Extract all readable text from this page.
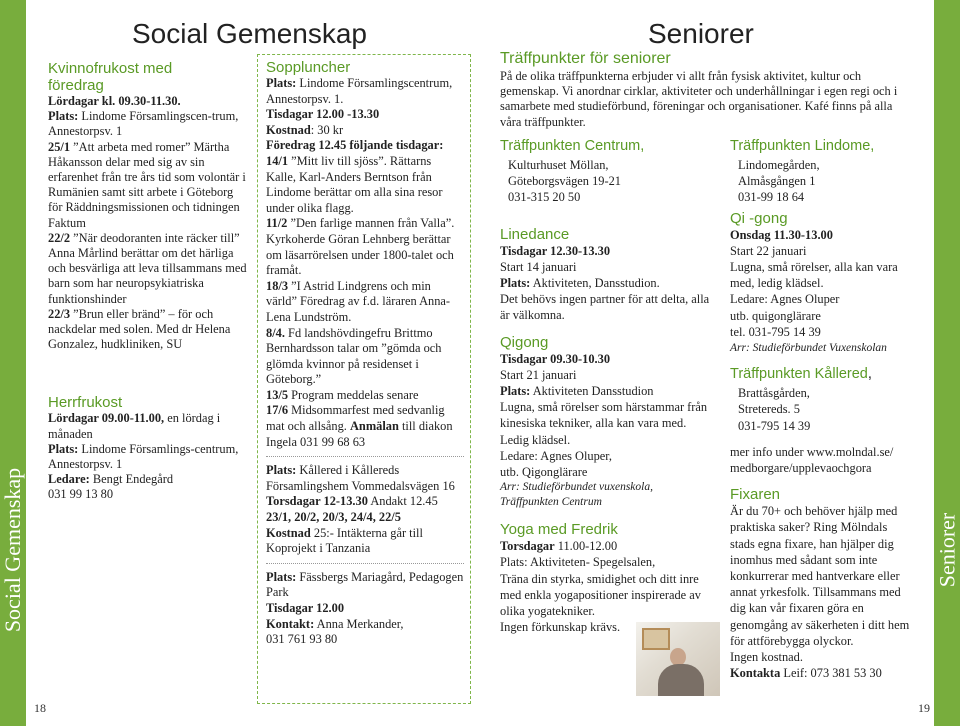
Social Gemenskap	Seniorer
18	19
Social Gemenskap	Seniorer
Kvinnofrukost med föredrag

Lördagar kl. 09.30-11.30.

Plats: Lindome Församlingscen-trum, Annestorpsv. 1

25/1 ”Att arbeta med romer” Märtha Håkansson delar med sig av sin erfarenhet från tre års tid som volontär i Rumänien samt sitt arbete i Göteborg för Räddningsmissionen och tidningen Faktum

22/2 ”När deodoranten inte räcker till” Anna Mårlind berättar om det härliga och besvärliga att leva tillsammans med barn som har neuropsykiatriska funktionshinder

22/3 ”Brun eller bränd” – för och nackdelar med solen. Med dr Helena Gonzalez, hudkliniken, SU

Herrfrukost

Lördagar 09.00-11.00, en lördag i månaden

Plats: Lindome Församlings-centrum, Annestorpsv. 1

Ledare: Bengt Endegård

031 99 13 80

Soppluncher

Plats: Lindome Församlingscentrum, Annestorpsv. 1.

Tisdagar 12.00 -13.30

Kostnad: 30 kr

Föredrag 12.45 följande tisdagar:

14/1 ”Mitt liv till sjöss”. Rättarns Kalle, Karl-Anders Berntson från Lindome berättar om alla sina resor under olika flagg.

11/2 ”Den farlige mannen från Valla”. Kyrkoherde Göran Lehnberg berättar om läsarrörelsen under 1800-talet och framåt.

18/3 ”I Astrid Lindgrens och min värld” Föredrag av f.d. läraren Anna-Lena Lundström.

8/4. Fd landshövdingefru Brittmo Bernhardsson talar om ”gömda och glömda kvinnor på residenset i Göteborg.”

13/5 Program meddelas senare

17/6 Midsommarfest med sedvanlig mat och allsång. Anmälan till diakon Ingela 031 99 68 63

Plats: Kållered i Kållereds Församlingshem Vommedalsvägen 16

Torsdagar 12-13.30 Andakt 12.45

23/1, 20/2, 20/3, 24/4, 22/5

Kostnad 25:- Intäkterna går till Koprojekt i Tanzania

Plats: Fässbergs Mariagård, Pedagogen Park

Tisdagar 12.00

Kontakt: Anna Merkander,

031 761 93 80

Träffpunkter för seniorer

På de olika träffpunkterna erbjuder vi allt från fysisk aktivitet, kultur och gemenskap. Vi anordnar cirklar, aktiviteter och underhållningar i egen regi och i samarbete med studieförbund, föreningar och organisationer. Kafé finns på alla våra träffpunkter.

Träffpunkten Centrum,

Kulturhuset Möllan,

Göteborgsvägen 19-21

031-315 20 50

Linedance

Tisdagar 12.30-13.30

Start 14 januari

Plats: Aktiviteten, Dansstudion.

Det behövs ingen partner för att delta, alla är välkomna.

Qigong

Tisdagar 09.30-10.30

Start 21 januari

Plats: Aktiviteten Dansstudion

Lugna, små rörelser som härstammar från kinesiska tekniker, alla kan vara med. Ledig klädsel.

Ledare: Agnes Oluper,

utb. Qigonglärare

Arr: Studieförbundet vuxenskola, Träffpunkten Centrum

Yoga med Fredrik

Torsdagar 11.00-12.00

Plats: Aktiviteten- Spegelsalen,

Träna din styrka, smidighet och ditt inre med enkla yogapositioner inspirerade av olika yogatekniker.

Ingen förkunskap krävs.

Träffpunkten Lindome,

Lindomegården,

Almåsgången 1

031-99 18 64

Qi -gong

Onsdag 11.30-13.00

Start 22 januari

Lugna, små rörelser, alla kan vara med, ledig klädsel.

Ledare: Agnes Oluper

utb. quigonglärare

tel. 031-795 14 39

Arr: Studieförbundet Vuxenskolan

Träffpunkten Kållered,

Brattåsgården,

Stretereds. 5

031-795 14 39

mer info under www.molndal.se/ medborgare/upplevaochgora

Fixaren

Är du 70+ och behöver hjälp med praktiska saker? Ring Mölndals stads egna fixare, han hjälper dig inomhus med sådant som inte konkurrerar med hantverkare eller annat yrkesfolk. Tillsammans med dig kan vår fixaren göra en genomgång av säkerheten i ditt hem för attförebygga olyckor.

Ingen kostnad.

Kontakta Leif: 073 381 53 30
